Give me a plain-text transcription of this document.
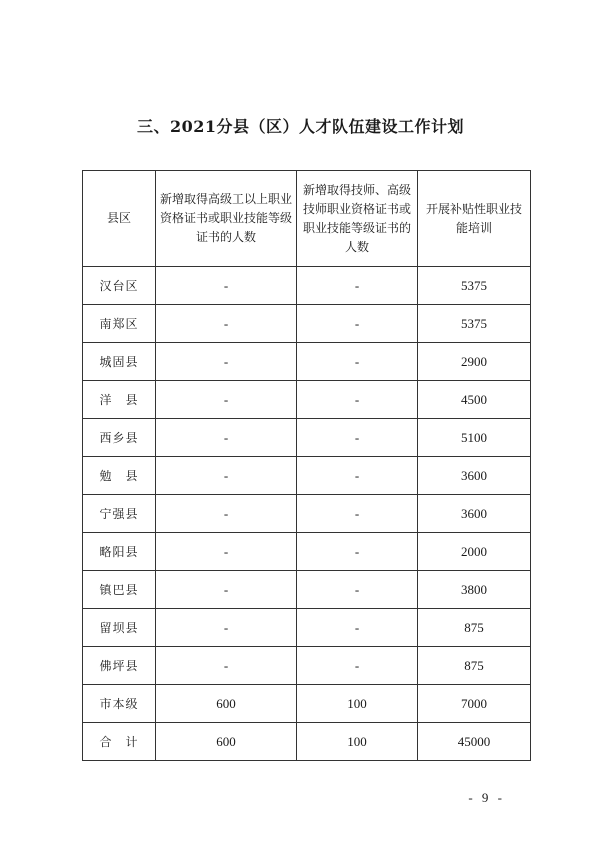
三、2021分县（区）人才队伍建设工作计划
县区	新增取得高级工以上职业资格证书或职业技能等级证书的人数	新增取得技师、高级技师职业资格证书或职业技能等级证书的人数	开展补贴性职业技能培训
汉台区	-	-	5375
南郑区	-	-	5375
城固县	-	-	2900
洋　县	-	-	4500
西乡县	-	-	5100
勉　县	-	-	3600
宁强县	-	-	3600
略阳县	-	-	2000
镇巴县	-	-	3800
留坝县	-	-	875
佛坪县	-	-	875
市本级	600	100	7000
合　计	600	100	45000
- 9 -
